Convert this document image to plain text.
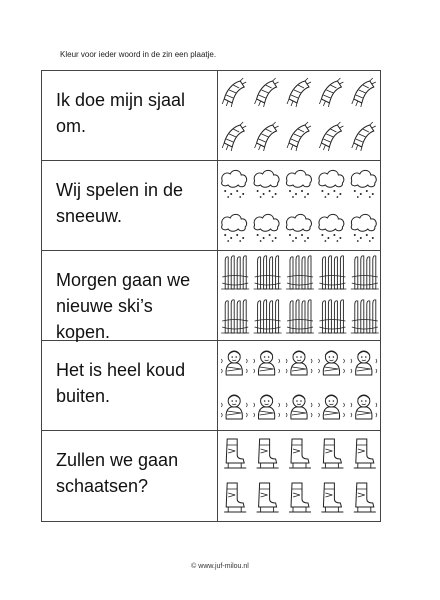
Kleur voor ieder woord in de zin een plaatje.
Ik doe mijn sjaal om.
Wij spelen in de sneeuw.
Morgen gaan we nieuwe ski’s kopen.
Het is heel koud buiten.
Zullen we gaan schaatsen?
© www.juf-milou.nl
